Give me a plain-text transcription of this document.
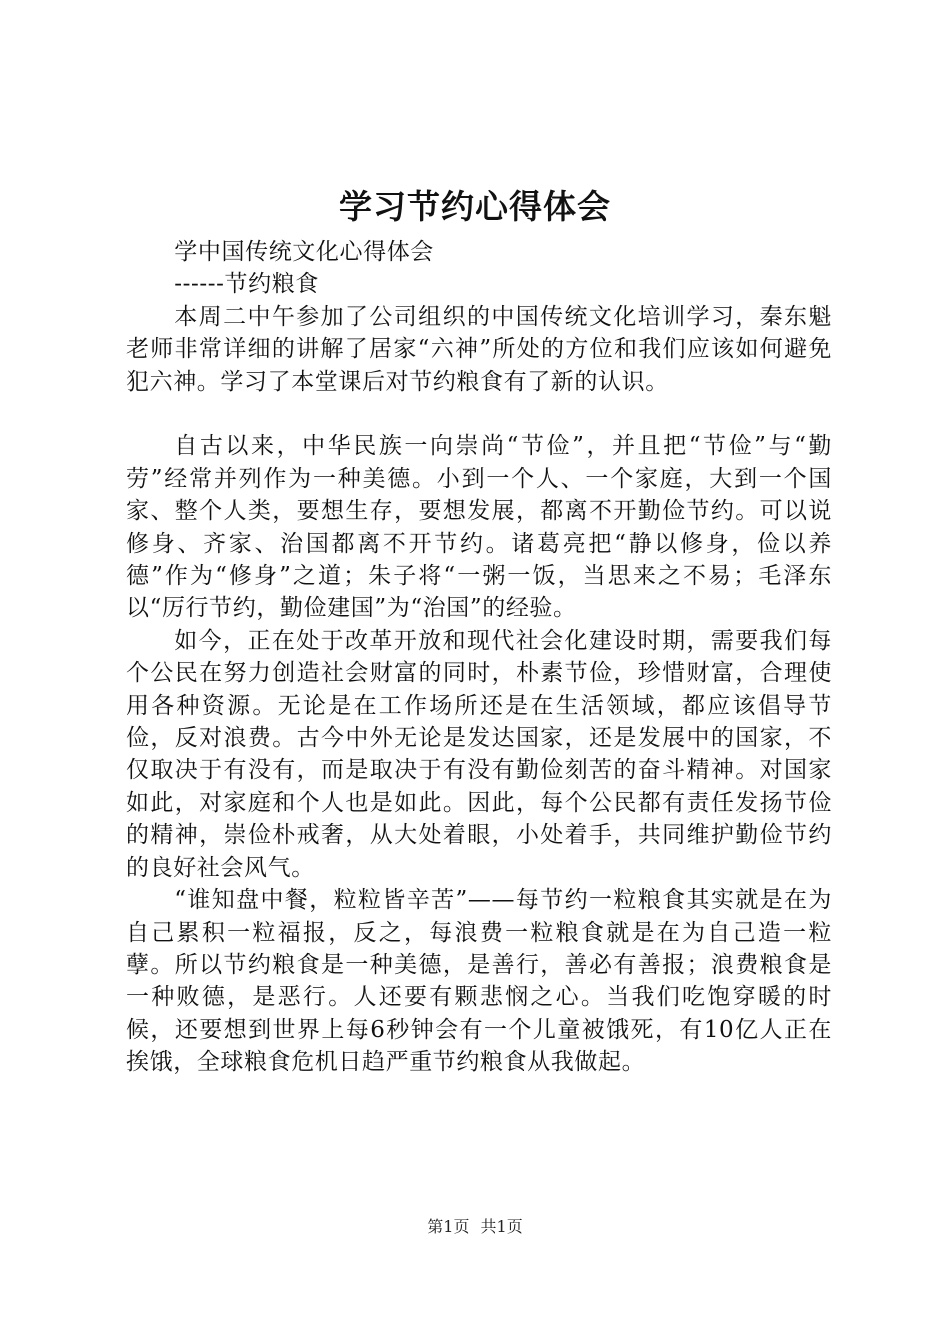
学习节约心得体会

学中国传统文化心得体会

------节约粮食

本周二中午参加了公司组织的中国传统文化培训学习，秦东魁老师非常详细的讲解了居家“六神”所处的方位和我们应该如何避免犯六神。学习了本堂课后对节约粮食有了新的认识。

自古以来，中华民族一向崇尚“节俭”，并且把“节俭”与“勤劳”经常并列作为一种美德。小到一个人、一个家庭，大到一个国家、整个人类，要想生存，要想发展，都离不开勤俭节约。可以说修身、齐家、治国都离不开节约。诸葛亮把“静以修身，俭以养德”作为“修身”之道；朱子将“一粥一饭，当思来之不易；毛泽东以“厉行节约，勤俭建国”为“治国”的经验。

如今，正在处于改革开放和现代社会化建设时期，需要我们每个公民在努力创造社会财富的同时，朴素节俭，珍惜财富，合理使用各种资源。无论是在工作场所还是在生活领域，都应该倡导节俭，反对浪费。古今中外无论是发达国家，还是发展中的国家，不仅取决于有没有，而是取决于有没有勤俭刻苦的奋斗精神。对国家如此，对家庭和个人也是如此。因此，每个公民都有责任发扬节俭的精神，崇俭朴戒奢，从大处着眼，小处着手，共同维护勤俭节约的良好社会风气。

“谁知盘中餐，粒粒皆辛苦”——每节约一粒粮食其实就是在为自己累积一粒福报，反之，每浪费一粒粮食就是在为自己造一粒孽。所以节约粮食是一种美德，是善行，善必有善报；浪费粮食是一种败德，是恶行。人还要有颗悲悯之心。当我们吃饱穿暖的时候，还要想到世界上每6秒钟会有一个儿童被饿死，有10亿人正在挨饿，全球粮食危机日趋严重节约粮食从我做起。

第1页 共1页
